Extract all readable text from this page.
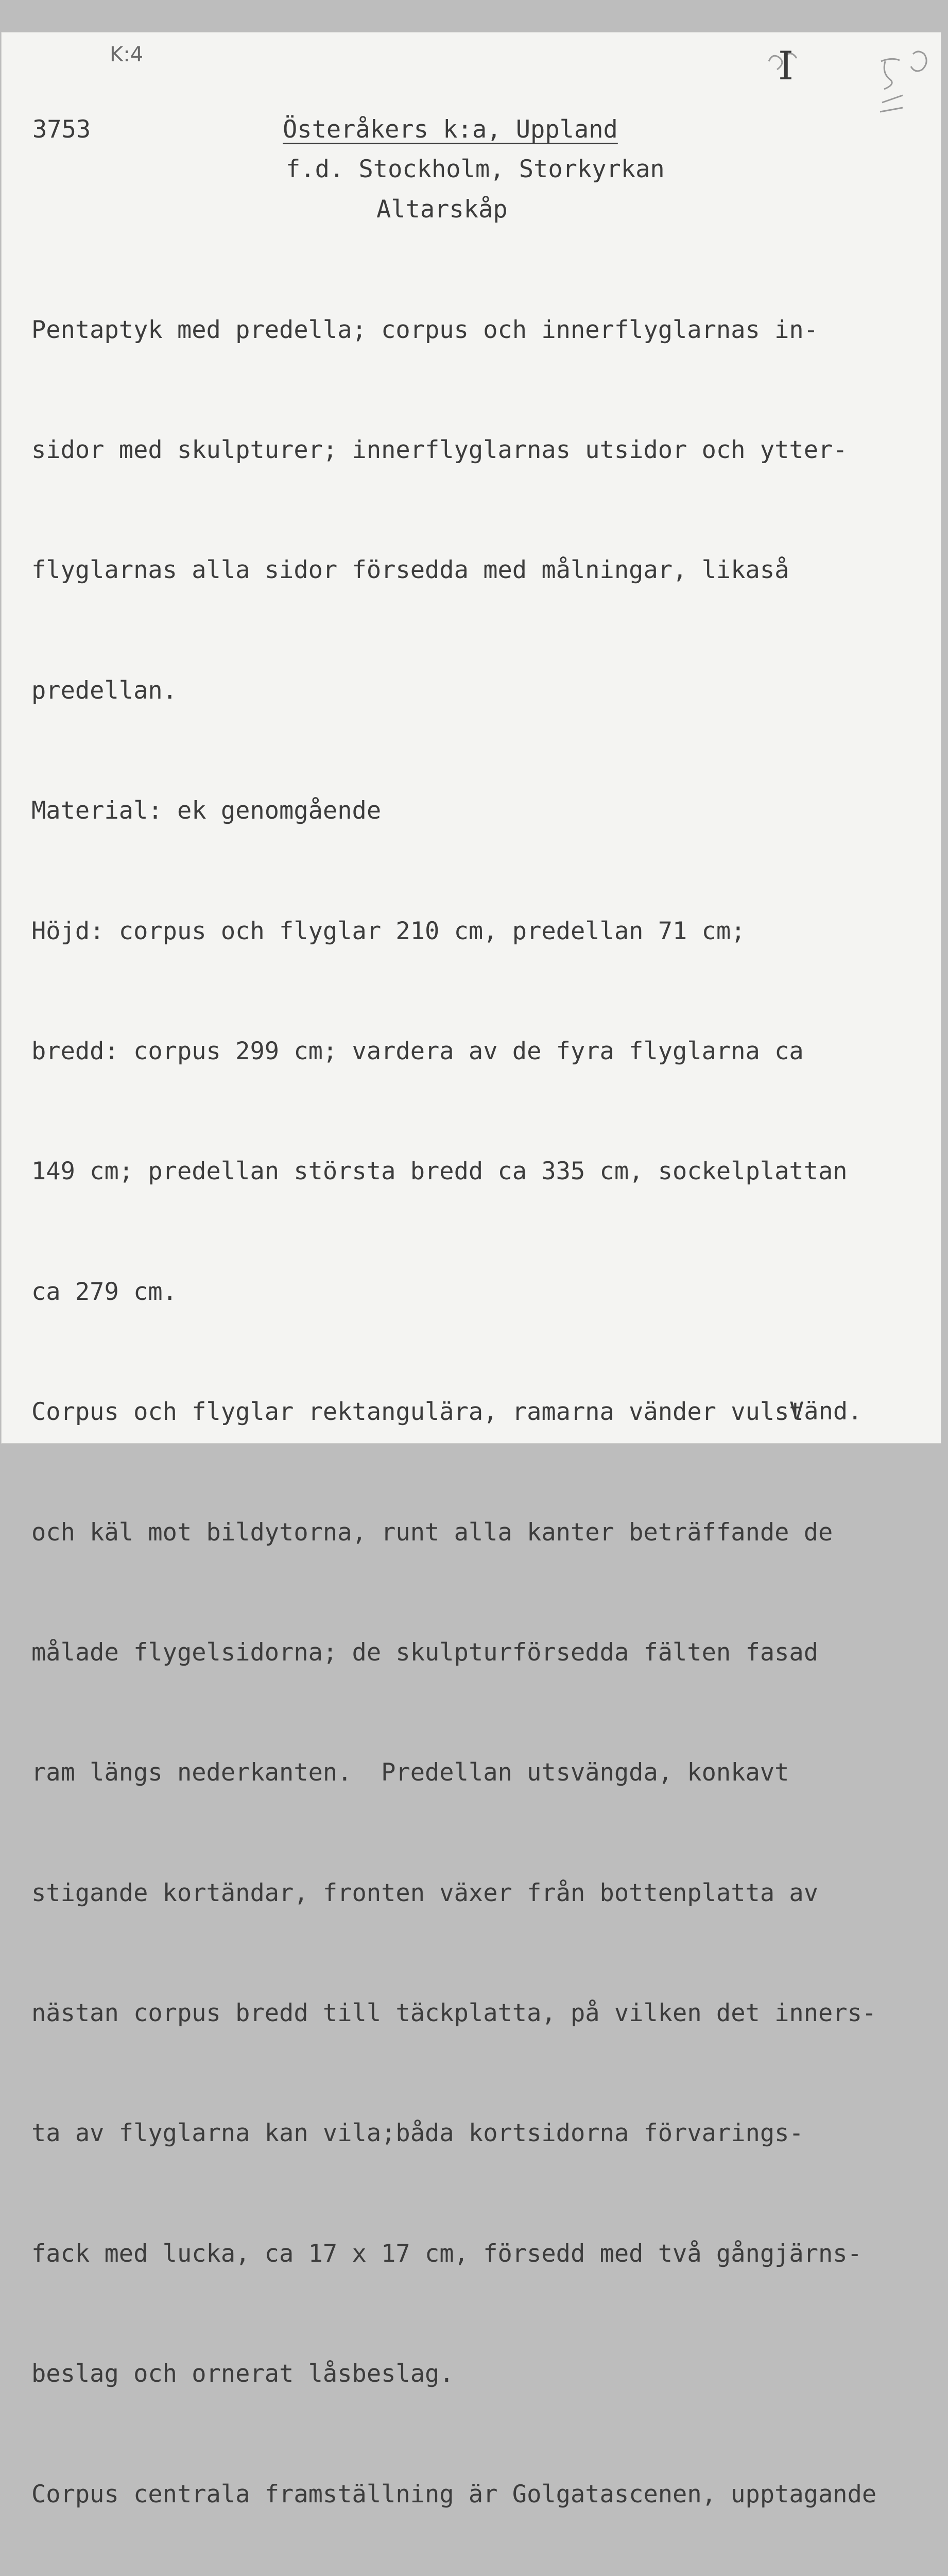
K:4	I
3753	Österåkers k:a, Uppland
f.d. Stockholm, Storkyrkan
Altarskåp

Pentaptyk med predella; corpus och innerflyglarnas in-

sidor med skulpturer; innerflyglarnas utsidor och ytter-

flyglarnas alla sidor försedda med målningar, likaså

predellan.

Material: ek genomgående

Höjd: corpus och flyglar 210 cm, predellan 71 cm;

bredd: corpus 299 cm; vardera av de fyra flyglarna ca

149 cm; predellan största bredd ca 335 cm, sockelplattan

ca 279 cm.

Corpus och flyglar rektangulära, ramarna vänder vulst

och käl mot bildytorna, runt alla kanter beträffande de

målade flygelsidorna; de skulpturförsedda fälten fasad

ram längs nederkanten.  Predellan utsvängda, konkavt

stigande kortändar, fronten växer från bottenplatta av

nästan corpus bredd till täckplatta, på vilken det inners-

ta av flyglarna kan vila;båda kortsidorna förvarings-

fack med lucka, ca 17 x 17 cm, försedd med två gångjärns-

beslag och ornerat låsbeslag.

Corpus centrala framställning är Golgatascenen, upptagande

Vänd.
